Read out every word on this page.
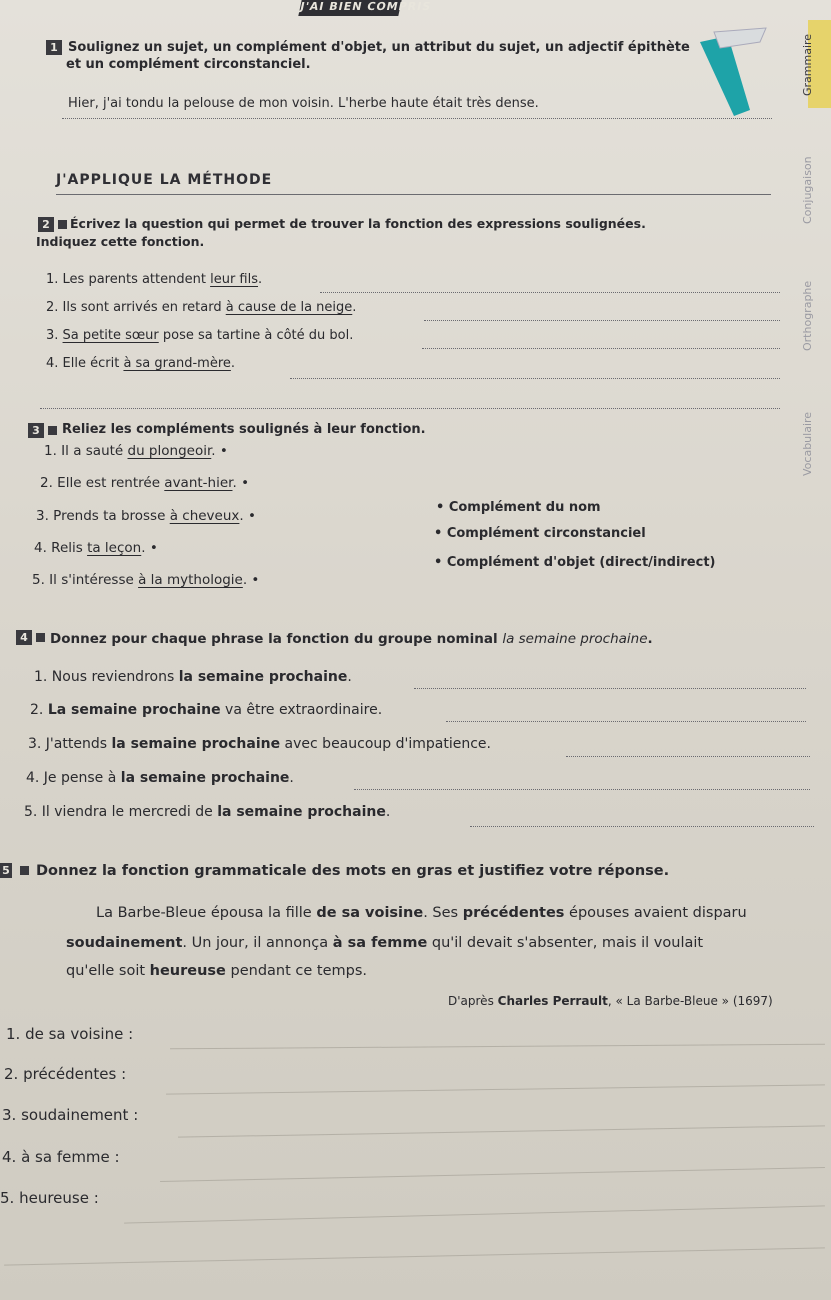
J'AI BIEN COMPRIS
Grammaire
Conjugaison
Orthographe
Vocabulaire
1 Soulignez un sujet, un complément d'objet, un attribut du sujet, un adjectif épithète
et un complément circonstanciel.
Hier, j'ai tondu la pelouse de mon voisin. L'herbe haute était très dense.
J'APPLIQUE LA MÉTHODE
2	Écrivez la question qui permet de trouver la fonction des expressions soulignées.
Indiquez cette fonction.
1. Les parents attendent leur fils.
2. Ils sont arrivés en retard à cause de la neige.
3. Sa petite sœur pose sa tartine à côté du bol.
4. Elle écrit à sa grand-mère.
3	Reliez les compléments soulignés à leur fonction.
1. Il a sauté du plongeoir. •
2. Elle est rentrée avant-hier. •
3. Prends ta brosse à cheveux. •
4. Relis ta leçon. •
5. Il s'intéresse à la mythologie. •
• Complément du nom
• Complément circonstanciel
• Complément d'objet (direct/indirect)
4	Donnez pour chaque phrase la fonction du groupe nominal la semaine prochaine.
1. Nous reviendrons la semaine prochaine.
2. La semaine prochaine va être extraordinaire.
3. J'attends la semaine prochaine avec beaucoup d'impatience.
4. Je pense à la semaine prochaine.
5. Il viendra le mercredi de la semaine prochaine.
5 Donnez la fonction grammaticale des mots en gras et justifiez votre réponse.
La Barbe-Bleue épousa la fille de sa voisine. Ses précédentes épouses avaient disparu
soudainement. Un jour, il annonça à sa femme qu'il devait s'absenter, mais il voulait
qu'elle soit heureuse pendant ce temps.
D'après Charles Perrault, « La Barbe-Bleue » (1697)
1. de sa voisine :
2. précédentes :
3. soudainement :
4. à sa femme :
5. heureuse :
